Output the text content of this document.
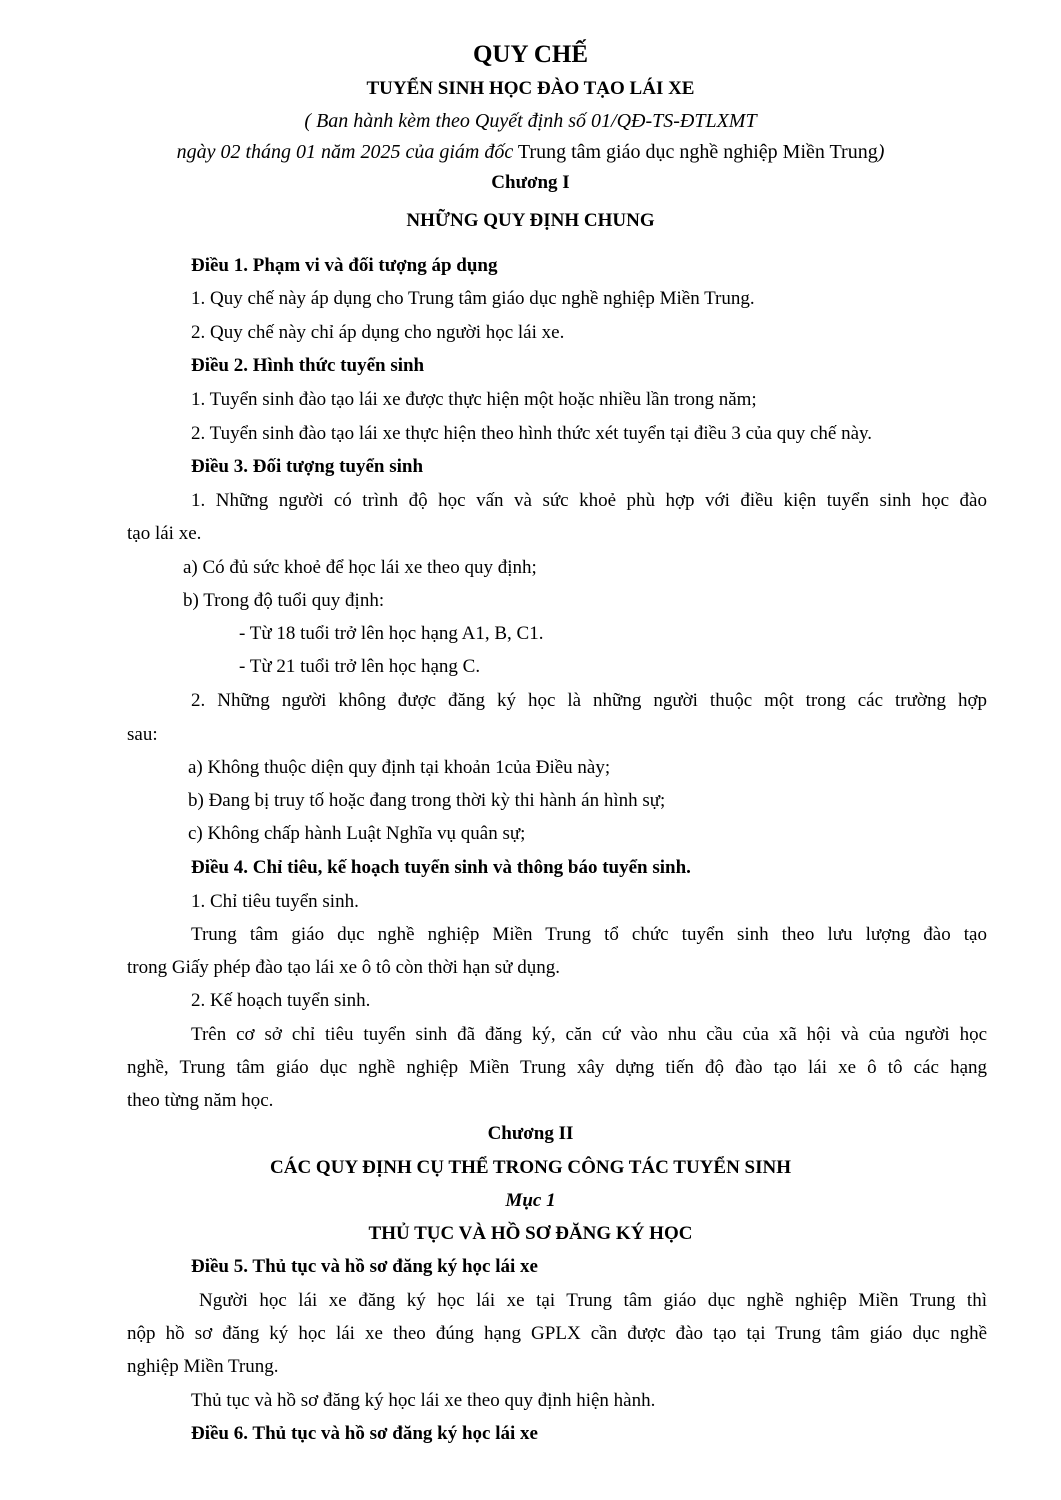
QUY CHẾ
TUYỂN SINH HỌC ĐÀO TẠO LÁI XE
( Ban hành kèm theo Quyết định số 01/QĐ-TS-ĐTLXMT
ngày 02 tháng 01 năm 2025 của giám đốc Trung tâm giáo dục nghề nghiệp Miền Trung)
Chương I
NHỮNG QUY ĐỊNH CHUNG
Điều 1. Phạm vi và đối tượng áp dụng
1. Quy chế này áp dụng cho Trung tâm giáo dục nghề nghiệp Miền Trung.
2. Quy chế này chỉ áp dụng cho người học lái xe.
Điều 2. Hình thức tuyển sinh
1. Tuyển sinh đào tạo lái xe được thực hiện một hoặc nhiều lần trong năm;
2. Tuyển sinh đào tạo lái xe thực hiện theo hình thức xét tuyển tại điều 3 của quy chế này.
Điều 3. Đối tượng tuyển sinh
1. Những người có trình độ học vấn và sức khoẻ phù hợp với điều kiện tuyển sinh học đào
tạo lái xe.
a) Có đủ sức khoẻ để học lái xe theo quy định;
b) Trong độ tuổi quy định:
- Từ 18 tuổi trở lên học hạng A1, B, C1.
- Từ 21 tuổi trở lên học hạng C.
2. Những người không được đăng ký học là những người thuộc một trong các trường hợp
sau:
a) Không thuộc diện quy định tại khoản 1của Điều này;
b) Đang bị truy tố hoặc đang trong thời kỳ thi hành án hình sự;
c) Không chấp hành Luật Nghĩa vụ quân sự;
Điều 4. Chỉ tiêu, kế hoạch tuyển sinh và thông báo tuyển sinh.
1. Chỉ tiêu tuyển sinh.
Trung tâm giáo dục nghề nghiệp Miền Trung tổ chức tuyển sinh theo lưu lượng đào tạo
trong Giấy phép đào tạo lái xe ô tô còn thời hạn sử dụng.
2. Kế hoạch tuyển sinh.
Trên cơ sở chỉ tiêu tuyển sinh đã đăng ký, căn cứ vào nhu cầu của xã hội và của người học
nghề, Trung tâm giáo dục nghề nghiệp Miền Trung xây dựng tiến độ đào tạo lái xe ô tô các hạng
theo từng năm học.
Chương II
CÁC QUY ĐỊNH CỤ THỂ TRONG CÔNG TÁC TUYỂN SINH
Mục 1
THỦ TỤC VÀ HỒ SƠ ĐĂNG KÝ HỌC
Điều 5. Thủ tục và hồ sơ đăng ký học lái xe
Người học lái xe đăng ký học lái xe tại Trung tâm giáo dục nghề nghiệp Miền Trung thì
nộp hồ sơ đăng ký học lái xe theo đúng hạng GPLX cần được đào tạo tại Trung tâm giáo dục nghề
nghiệp Miền Trung.
Thủ tục và hồ sơ đăng ký học lái xe theo quy định hiện hành.
Điều 6. Thủ tục và hồ sơ đăng ký học lái xe
